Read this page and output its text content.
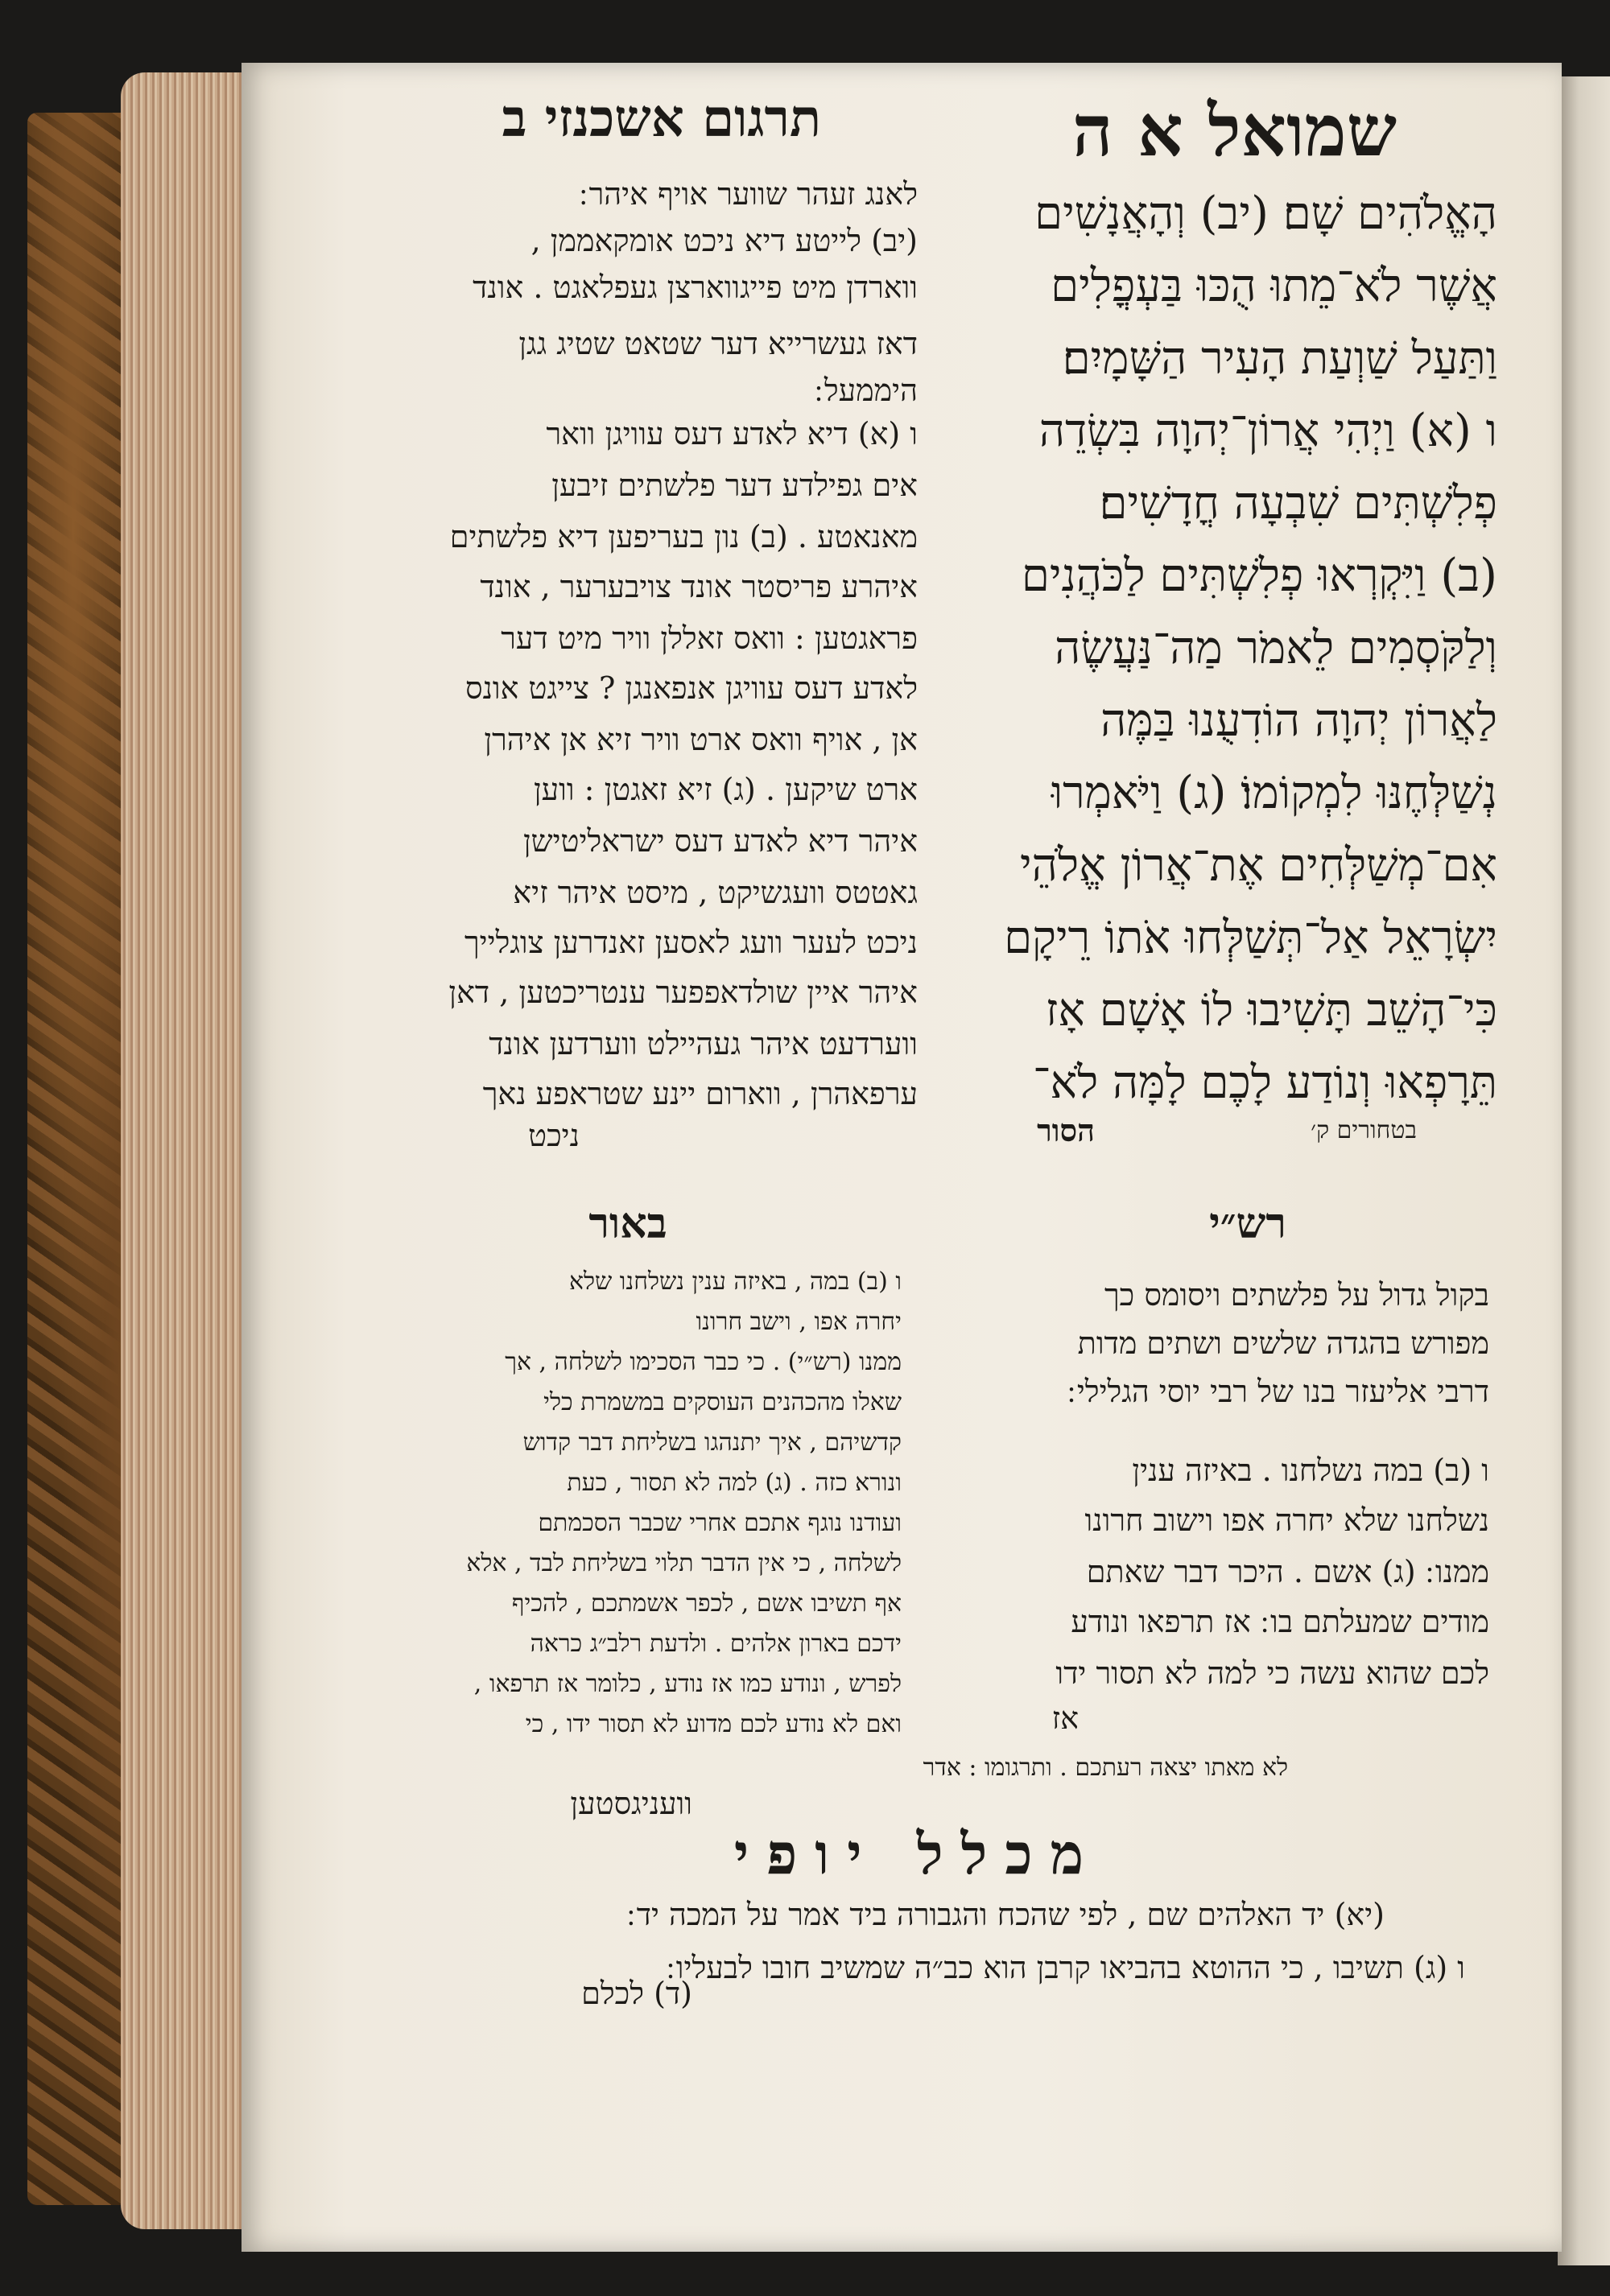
שמואל א ה
תרגום אשכנזי ב
הָאֱלֹהִים שָׁם׃ (יב) וְהָאֲנָשִׁים
אֲשֶׁר לֹא־מֵתוּ הֻכּוּ בַּעְפֳלִים
וַתַּעַל שַׁוְעַת הָעִיר הַשָּׁמָיִם׃
ו (א) וַיְהִי אֲרוֹן־יְהוָה בִּשְׂדֵה
פְלִשְׁתִּים שִׁבְעָה חֳדָשִׁים׃
(ב) וַיִּקְרְאוּ פְלִשְׁתִּים לַכֹּהֲנִים
וְלַקֹּסְמִים לֵאמֹר מַה־נַּעֲשֶׂה
לַאֲרוֹן יְהוָה הוֹדִעֻנוּ בַּמֶּה
נְשַׁלְּחֶנּוּ לִמְקוֹמוֹ׃ (ג) וַיֹּאמְרוּ
אִם־מְשַׁלְּחִים אֶת־אֲרוֹן אֱלֹהֵי
יִשְׂרָאֵל אַל־תְּשַׁלְּחוּ אֹתוֹ רֵיקָם
כִּי־הָשֵׁב תָּשִׁיבוּ לוֹ אָשָׁם אָז
תֵּרָפְאוּ וְנוֹדַע לָכֶם לָמָּה לֹא־
בטחורים ק׳
הסור
לאנג זעהר שווער אויף איהר ׃
(יב) לייטע דיא ניכט אומקאממן ,
ווארדן מיט פייגווארצן געפלאגט . אונד
דאז געשרייא דער שטאט שטיג גגן
היממעל ׃
ו (א) דיא לאדע דעס עוויגן וואר
אים גפילדע דער פלשתים זיבען
מאנאטע . (ב) נון בעריפען דיא פלשתים
איהרע פריסטר אונד צויבערער , אונד
פראגטען : וואס זאללן וויר מיט דער
לאדע דעס עוויגן אנפאנגן ? צייגט אונס
אן , אויף וואס ארט וויר זיא אן איהרן
ארט שיקען . (ג) זיא זאגטן : ווען
איהר דיא לאדע דעס ישראליטישן
גאטטס וועגשיקט , מיסט איהר זיא
ניכט לעער וועג לאסען זאנדרען צוגלייך
איהר איין שולדאפפער ענטריכטען , דאן
ווערדעט איהר געהיילט ווערדען אונד
ערפאהרן , ווארום יינע שטראפע נאך
ניכט
רש״י
בקול גדול על פלשתים ויסומס כך
מפורש בהגדה שלשים ושתים מדות
דרבי אליעזר בנו של רבי יוסי הגלילי ׃
ו (ב) במה נשלחנו . באיזה ענין
נשלחנו שלא יחרה אפו וישוב חרונו
ממנו ׃ (ג) אשם . היכר דבר שאתם
מודים שמעלתם בו ׃ אז תרפאו ונודע
לכם שהוא עשה כי למה לא תסור ידו
אז
באור
ו (ב) במה , באיזה ענין נשלחנו שלא
יחרה אפו , וישב חרונו
ממנו (רש״י) . כי כבר הסכימו לשלחה , אך
שאלו מהכהנים העוסקים במשמרת כלי
קדשיהם , איך יתנהגו בשליחת דבר קדוש
ונורא כזה . (ג) למה לא תסור , כעת
ועודנו נוגף אתכם אחרי שכבר הסכמתם
לשלחה , כי אין הדבר תלוי בשליחת לבד , אלא
אף תשיבו אשם , לכפר אשמתכם , להכיף
ידכם בארון אלהים . ולדעת רלב״ג כראה
לפרש , ונודע כמו אז נודע , כלומר אז תרפאו ,
ואם לא נודע לכם מדוע לא תסור ידו , כי
לא מאתו יצאה רעתכם . ותרגומו : אדר
וועניגסטען
מכלל יופי
(יא) יד האלהים שם , לפי שהכח והגבורה ביד אמר על המכה יד ׃
ו (ג) תשיבו , כי ההוטא בהביאו קרבן הוא כב״ה שמשיב חובו לבעליו ׃
(ד) לכלם
